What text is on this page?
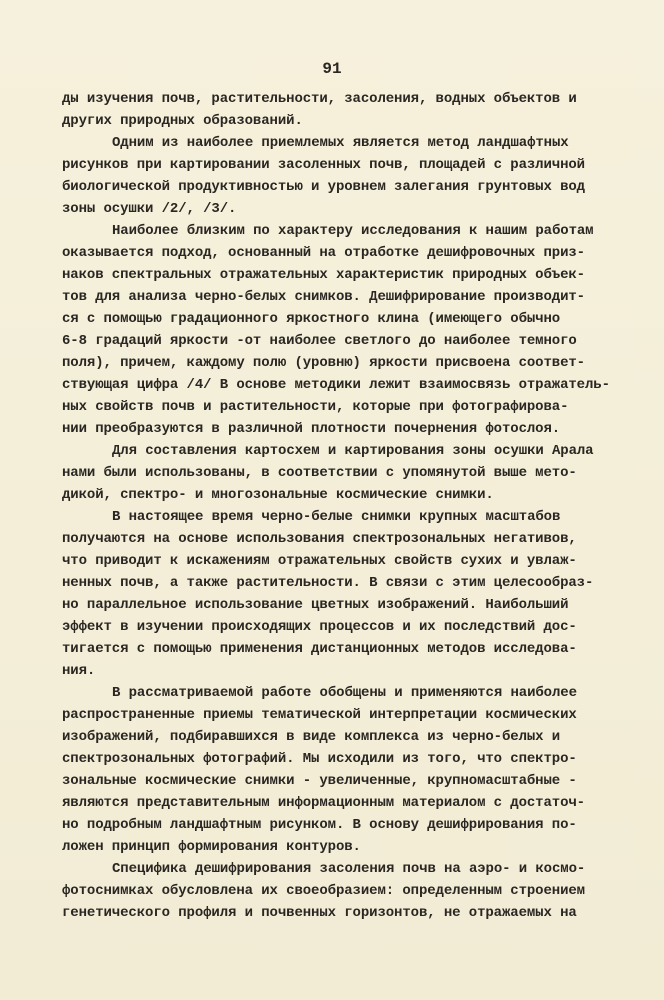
91
ды изучения почв, растительности, засоления, водных объектов и
других природных образований.
Одним из наиболее приемлемых является метод ландшафтных
рисунков при картировании засоленных почв, площадей с различной
биологической продуктивностью и уровнем залегания грунтовых вод
зоны осушки /2/, /3/.
Наиболее близким по характеру исследования к нашим работам
оказывается подход, основанный на отработке дешифровочных приз-
наков спектральных отражательных характеристик природных объек-
тов для анализа черно-белых снимков. Дешифрирование производит-
ся с помощью градационного яркостного клина (имеющего обычно
6-8 градаций яркости -от наиболее светлого до наиболее темного
поля), причем, каждому полю (уровню) яркости присвоена соответ-
ствующая цифра /4/ В основе методики лежит взаимосвязь отражатель-
ных свойств почв и растительности, которые при фотографирова-
нии преобразуются в различной плотности почернения фотослоя.
Для составления картосхем и картирования зоны осушки Арала
нами были использованы, в соответствии с упомянутой выше мето-
дикой, спектро- и многозональные космические снимки.
В настоящее время черно-белые снимки крупных масштабов
получаются на основе использования спектрозональных негативов,
что приводит к искажениям отражательных свойств сухих и увлаж-
ненных почв, а также растительности. В связи с этим целесообраз-
но параллельное использование цветных изображений. Наибольший
эффект в изучении происходящих процессов и их последствий дос-
тигается с помощью применения дистанционных методов исследова-
ния.
В рассматриваемой работе обобщены и применяются наиболее
распространенные приемы тематической интерпретации космических
изображений, подбиравшихся в виде комплекса из черно-белых и
спектрозональных фотографий. Мы исходили из того, что спектро-
зональные космические снимки - увеличенные, крупномасштабные -
являются представительным информационным материалом с достаточ-
но подробным ландшафтным рисунком. В основу дешифрирования по-
ложен принцип формирования контуров.
Специфика дешифрирования засоления почв на аэро- и космо-
фотоснимках обусловлена их своеобразием: определенным строением
генетического профиля и почвенных горизонтов, не отражаемых на
